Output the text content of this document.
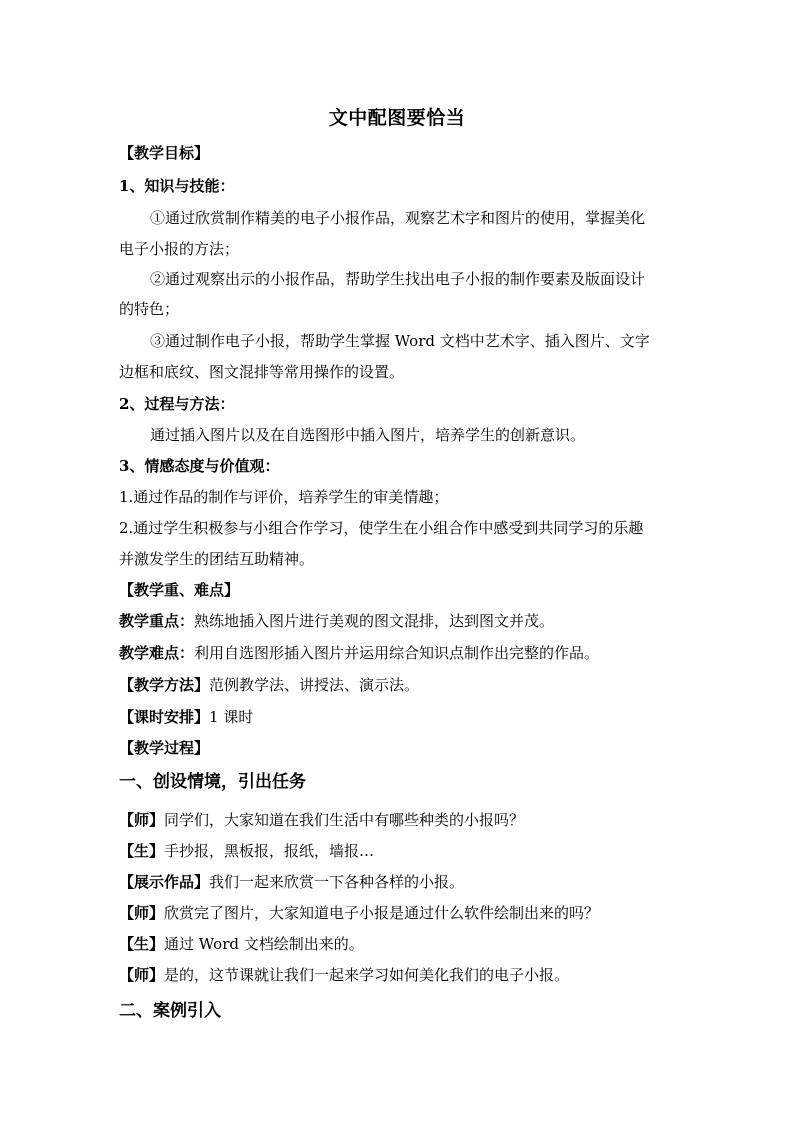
文中配图要恰当
【教学目标】
1、知识与技能：
①通过欣赏制作精美的电子小报作品，观察艺术字和图片的使用，掌握美化
电子小报的方法；
②通过观察出示的小报作品，帮助学生找出电子小报的制作要素及版面设计
的特色；
③通过制作电子小报，帮助学生掌握 Word 文档中艺术字、插入图片、文字
边框和底纹、图文混排等常用操作的设置。
2、过程与方法：
通过插入图片以及在自选图形中插入图片，培养学生的创新意识。
3、情感态度与价值观：
1.通过作品的制作与评价，培养学生的审美情趣；
2.通过学生积极参与小组合作学习，使学生在小组合作中感受到共同学习的乐趣
并激发学生的团结互助精神。
【教学重、难点】
教学重点：熟练地插入图片进行美观的图文混排，达到图文并茂。
教学难点：利用自选图形插入图片并运用综合知识点制作出完整的作品。
【教学方法】范例教学法、讲授法、演示法。
【课时安排】1 课时
【教学过程】
一、创设情境，引出任务
【师】同学们，大家知道在我们生活中有哪些种类的小报吗？
【生】手抄报，黑板报，报纸，墙报…
【展示作品】我们一起来欣赏一下各种各样的小报。
【师】欣赏完了图片，大家知道电子小报是通过什么软件绘制出来的吗？
【生】通过 Word 文档绘制出来的。
【师】是的，这节课就让我们一起来学习如何美化我们的电子小报。
二、案例引入
